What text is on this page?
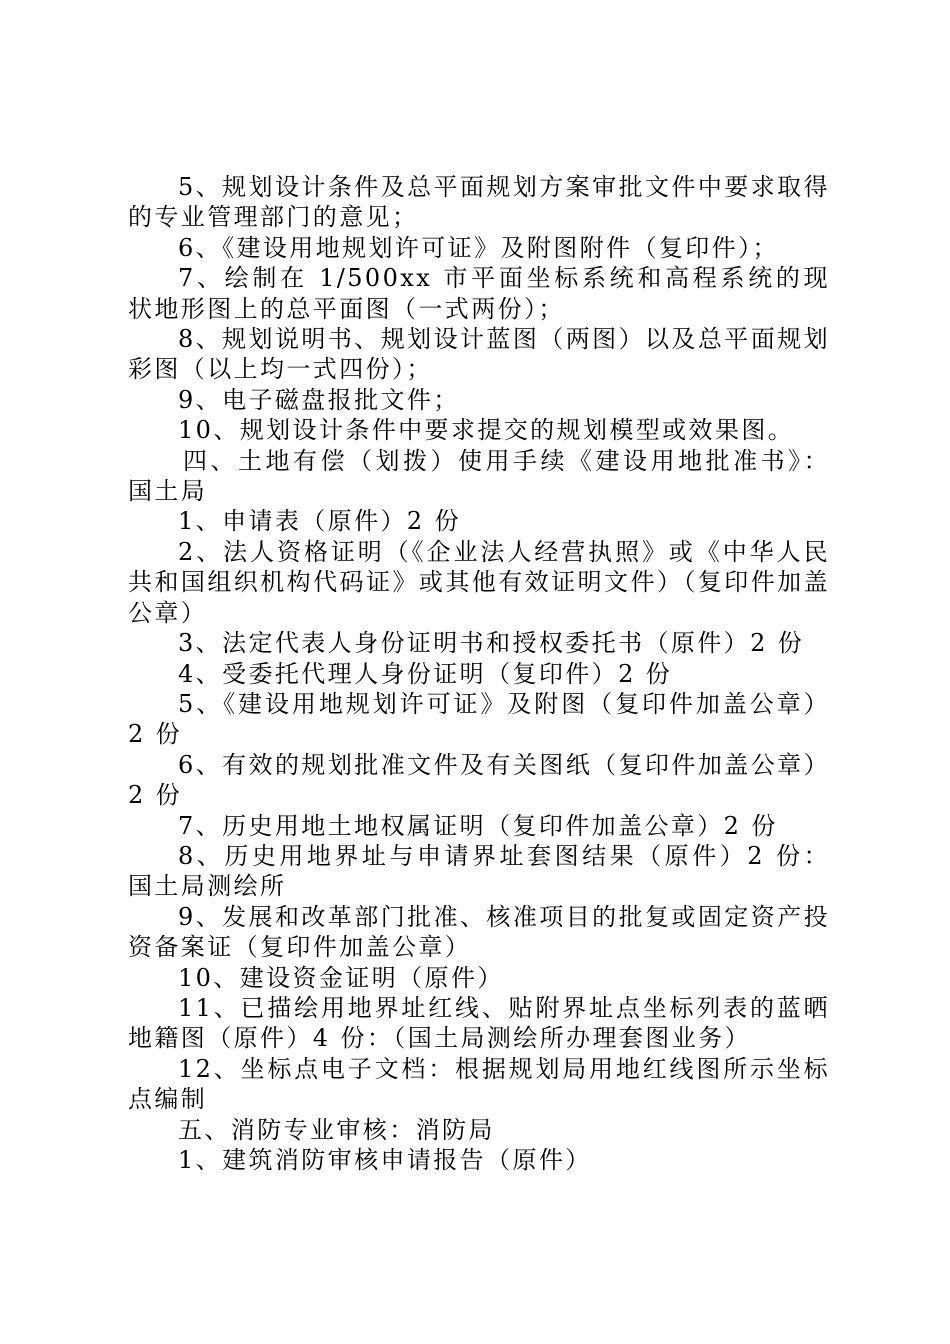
5、规划设计条件及总平面规划方案审批文件中要求取得的专业管理部门的意见；

6、《建设用地规划许可证》及附图附件（复印件）；

7、绘制在 1/500xx 市平面坐标系统和高程系统的现状地形图上的总平面图（一式两份）；

8、规划说明书、规划设计蓝图（两图）以及总平面规划彩图（以上均一式四份）；

9、电子磁盘报批文件；

10、规划设计条件中要求提交的规划模型或效果图。

四、土地有偿（划拨）使用手续《建设用地批准书》：国土局

1、申请表（原件）2 份

2、法人资格证明（《企业法人经营执照》或《中华人民共和国组织机构代码证》或其他有效证明文件）（复印件加盖公章）

3、法定代表人身份证明书和授权委托书（原件）2 份

4、受委托代理人身份证明（复印件）2 份

5、《建设用地规划许可证》及附图（复印件加盖公章）2 份

6、有效的规划批准文件及有关图纸（复印件加盖公章）2 份

7、历史用地土地权属证明（复印件加盖公章）2 份

8、历史用地界址与申请界址套图结果（原件）2 份：国土局测绘所

9、发展和改革部门批准、核准项目的批复或固定资产投资备案证（复印件加盖公章）

10、建设资金证明（原件）

11、已描绘用地界址红线、贴附界址点坐标列表的蓝晒地籍图（原件）4 份：（国土局测绘所办理套图业务）

12、坐标点电子文档：根据规划局用地红线图所示坐标点编制

五、消防专业审核：消防局

1、建筑消防审核申请报告（原件）
